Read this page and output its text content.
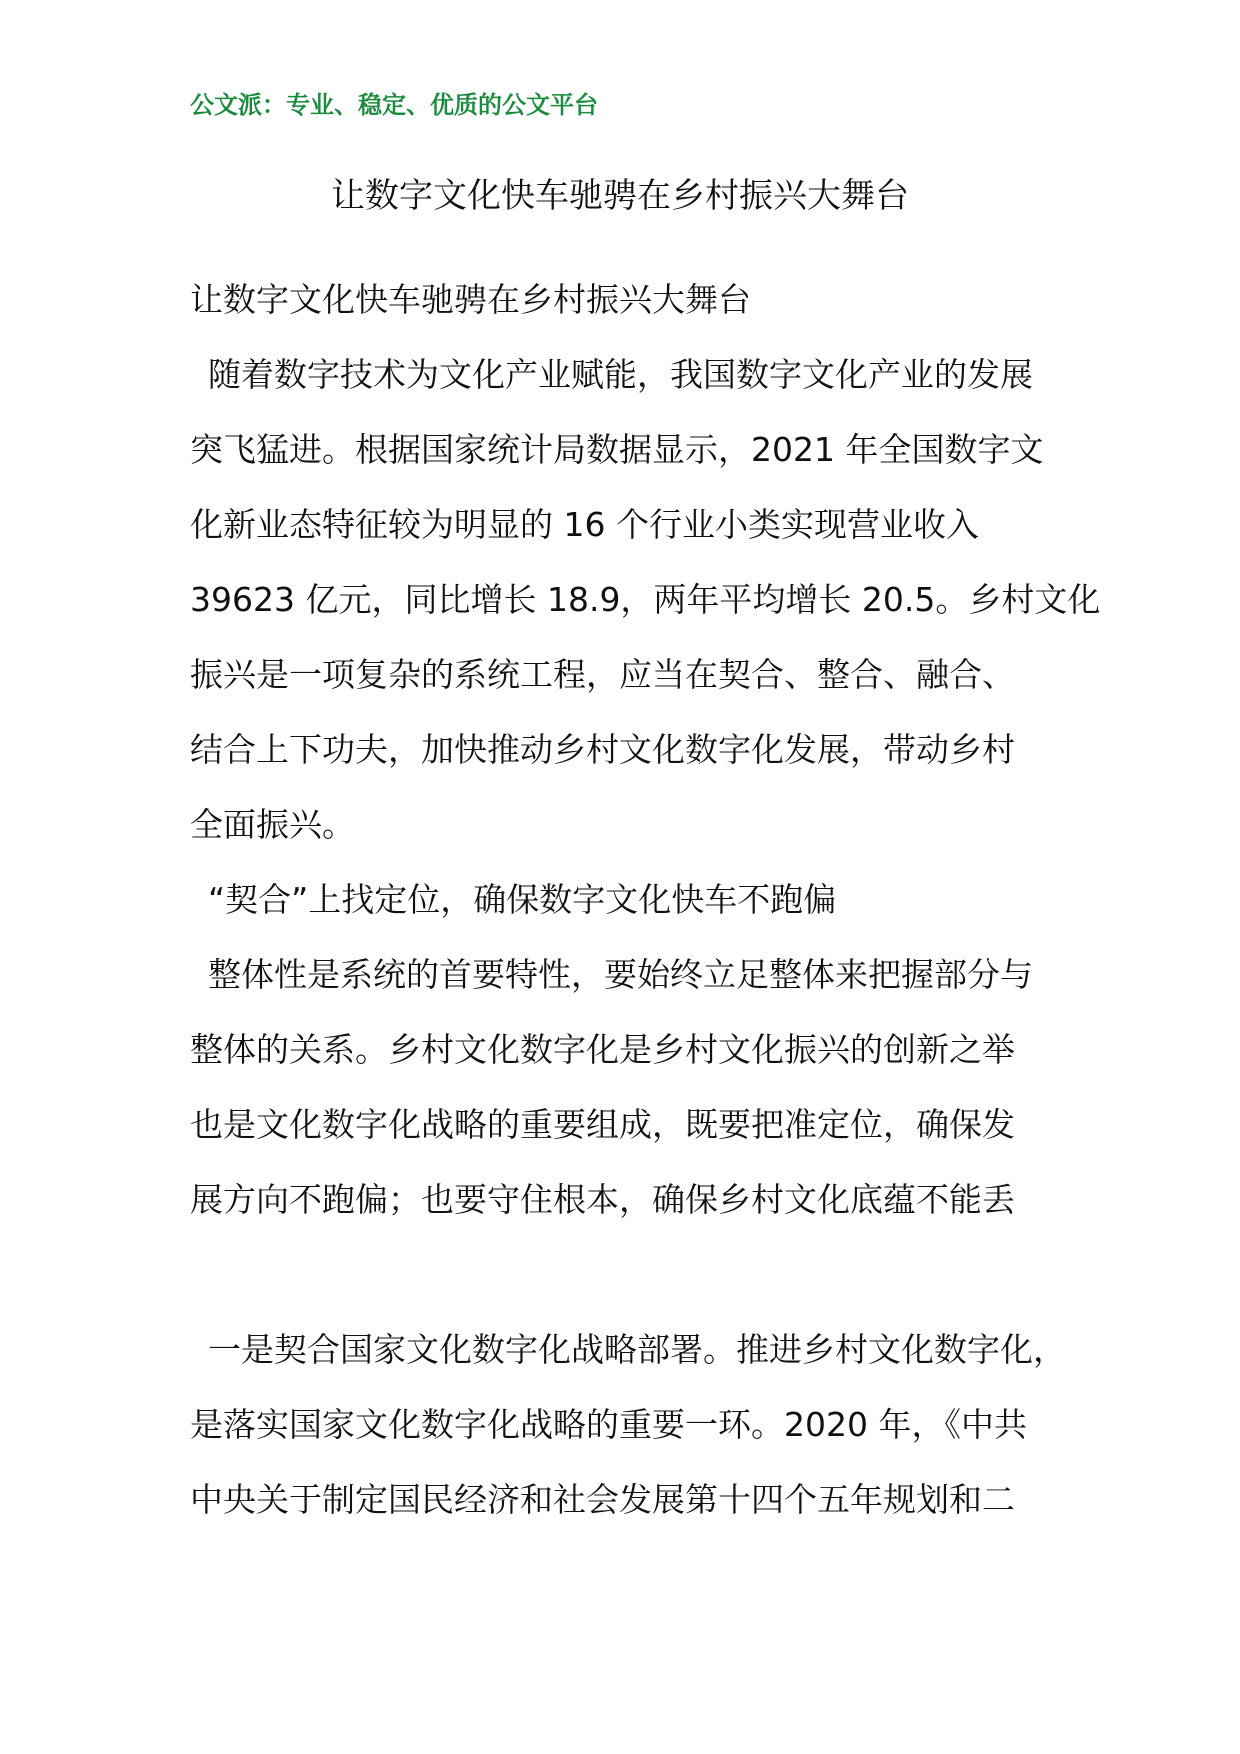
公文派：专业、稳定、优质的公文平台
让数字文化快车驰骋在乡村振兴大舞台
让数字文化快车驰骋在乡村振兴大舞台
随着数字技术为文化产业赋能，我国数字文化产业的发展
突飞猛进。根据国家统计局数据显示，2021 年全国数字文
化新业态特征较为明显的 16 个行业小类实现营业收入
39623 亿元，同比增长 18.9，两年平均增长 20.5。乡村文化
振兴是一项复杂的系统工程，应当在契合、整合、融合、
结合上下功夫，加快推动乡村文化数字化发展，带动乡村
全面振兴。
“契合”上找定位，确保数字文化快车不跑偏
整体性是系统的首要特性，要始终立足整体来把握部分与
整体的关系。乡村文化数字化是乡村文化振兴的创新之举
也是文化数字化战略的重要组成，既要把准定位，确保发
展方向不跑偏；也要守住根本，确保乡村文化底蕴不能丢
一是契合国家文化数字化战略部署。推进乡村文化数字化，
是落实国家文化数字化战略的重要一环。2020 年，《中共
中央关于制定国民经济和社会发展第十四个五年规划和二
